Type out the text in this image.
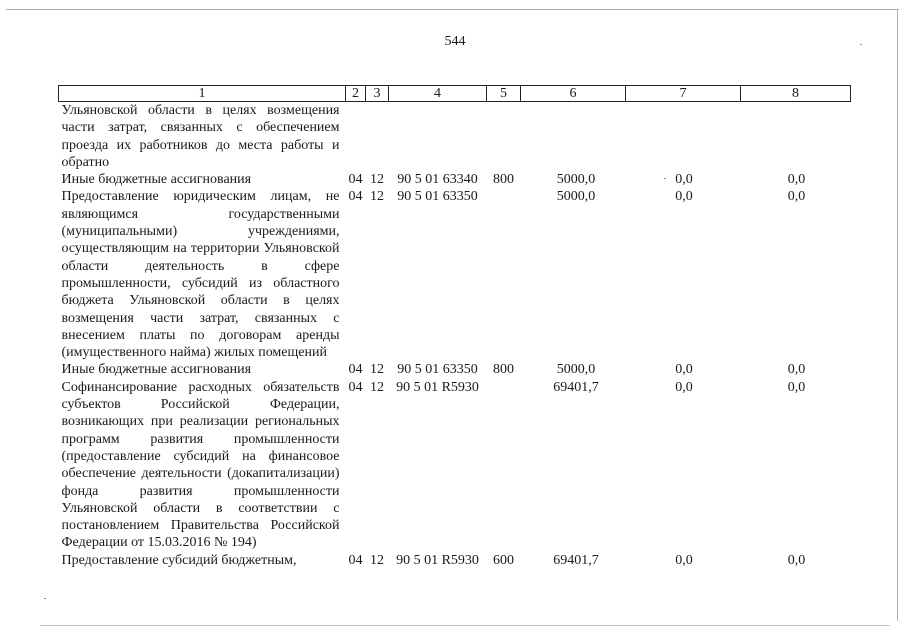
544
1	2	3	4	5	6	7	8
Ульяновской области в целях возмещения части затрат, связанных с обеспечением проезда их работников до места работы и обратно							
Иные бюджетные ассигнования	04	12	90 5 01 63340	800	5000,0	0,0	0,0
Предоставление юридическим лицам, не являющимся государственными (муниципальными) учреждениями, осуществляющим на территории Ульяновской области деятельность в сфере промышленности, субсидий из областного бюджета Ульяновской области в целях возмещения части затрат, связанных с внесением платы по договорам аренды (имущественного найма) жилых помещений	04	12	90 5 01 63350		5000,0	0,0	0,0
Иные бюджетные ассигнования	04	12	90 5 01 63350	800	5000,0	0,0	0,0
Софинансирование расходных обязательств субъектов Российской Федерации, возникающих при реализации региональных программ развития промышленности (предоставление субсидий на финансовое обеспечение деятельности (докапитализации) фонда развития промышленности Ульяновской области в соответствии с постановлением Правительства Российской Федерации от 15.03.2016 № 194)	04	12	90 5 01 R5930		69401,7	0,0	0,0
Предоставление субсидий бюджетным,	04	12	90 5 01 R5930	600	69401,7	0,0	0,0
